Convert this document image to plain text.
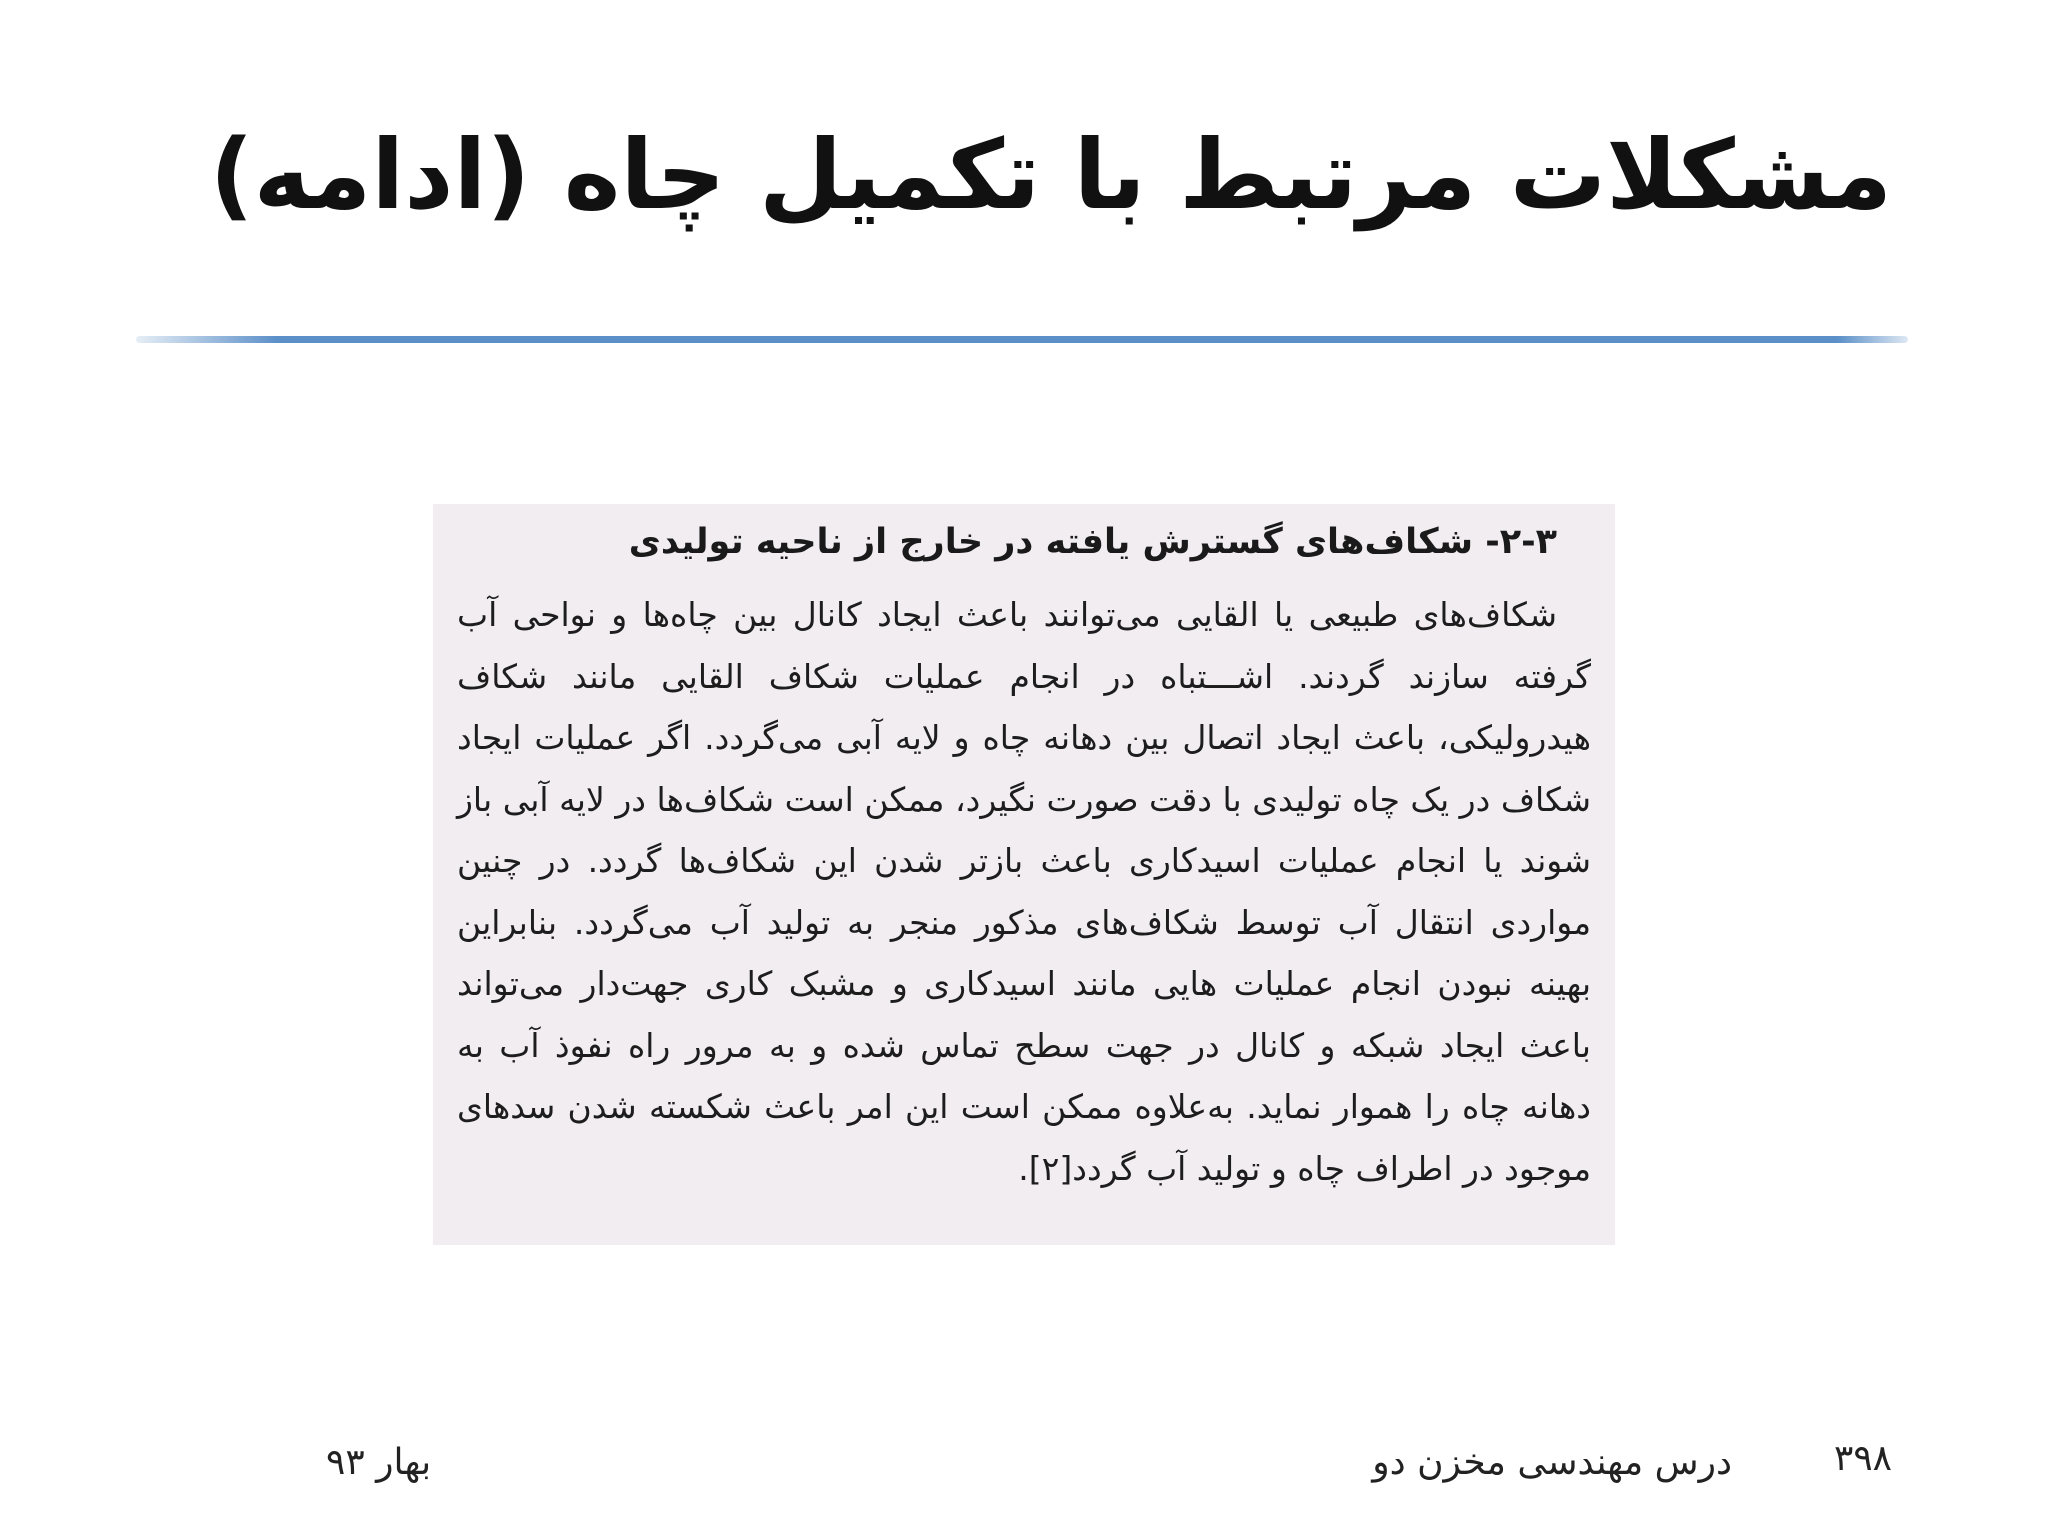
مشکلات مرتبط با تکمیل چاه (ادامه)
۲-۳- شکاف‌های گسترش یافته در خارج از ناحیه تولیدی

شکاف‌های طبیعی یا القایی می‌توانند باعث ایجاد کانال بین چاه‌ها و نواحی آب گرفته سازند گردند. اشـــتباه در انجام عملیات شکاف القایی مانند شکاف هیدرولیکی، باعث ایجاد اتصال بین دهانه چاه و لایه آبی می‌گردد. اگر عملیات ایجاد شکاف در یک چاه تولیدی با دقت صورت نگیرد، ممکن است شکاف‌ها در لایه آبی باز شوند یا انجام عملیات اسیدکاری باعث بازتر شدن این شکاف‌ها گردد. در چنین مواردی انتقال آب توسط شکاف‌های مذکور منجر به تولید آب می‌گردد. بنابراین بهینه نبودن انجام عملیات هایی مانند اسیدکاری و مشبک کاری جهت‌دار می‌تواند باعث ایجاد شبکه و کانال در جهت سطح تماس شده و به مرور راه نفوذ آب به دهانه چاه را هموار نماید. به‌علاوه ممکن است این امر باعث شکسته شدن سدهای موجود در اطراف چاه و تولید آب گردد[۲].

۳۹۸
درس مهندسی مخزن دو
بهار ۹۳
